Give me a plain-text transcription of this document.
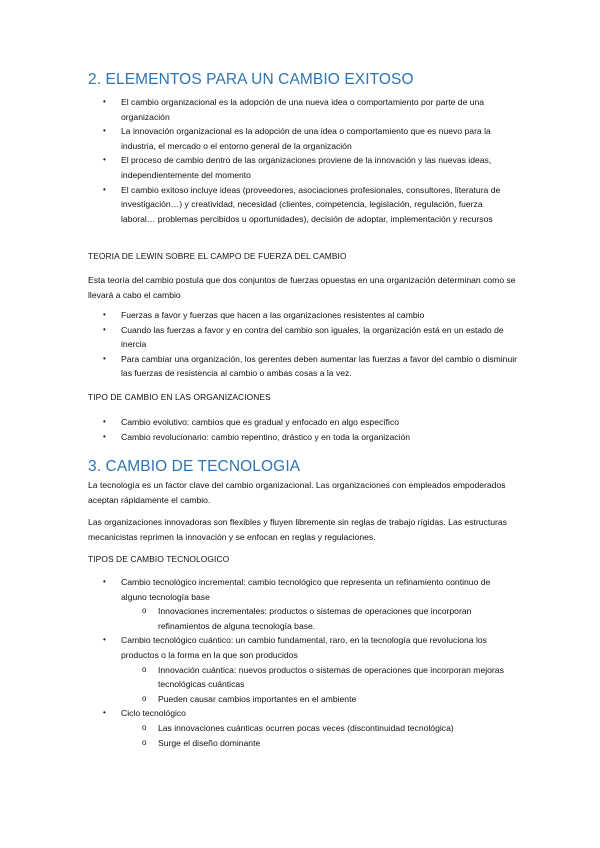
2. ELEMENTOS PARA UN CAMBIO EXITOSO
• El cambio organizacional es la adopción de una nueva idea o comportamiento por parte de una organización
• La innovación organizacional es la adopción de una idea o comportamiento que es nuevo para la industria, el mercado o el entorno general de la organización
• El proceso de cambio dentro de las organizaciones proviene de la innovación y las nuevas ideas, independientemente del momento
• El cambio exitoso incluye ideas (proveedores, asociaciones profesionales, consultores, literatura de investigación…) y creatividad, necesidad (clientes, competencia, legislación, regulación, fuerza laboral… problemas percibidos u oportunidades), decisión de adoptar, implementación y recursos

TEORIA DE LEWIN SOBRE EL CAMPO DE FUERZA DEL CAMBIO

Esta teoría del cambio postula que dos conjuntos de fuerzas opuestas en una organización determinan como se llevará a cabo el cambio

• Fuerzas a favor y fuerzas que hacen a las organizaciones resistentes al cambio
• Cuando las fuerzas a favor y en contra del cambio son iguales, la organización está en un estado de inercia
• Para cambiar una organización, los gerentes deben aumentar las fuerzas a favor del cambio o disminuir las fuerzas de resistencia al cambio o ambas cosas a la vez.

TIPO DE CAMBIO EN LAS ORGANIZACIONES

• Cambio evolutivo: cambios que es gradual y enfocado en algo específico
• Cambio revolucionario: cambio repentino, drástico y en toda la organización
3. CAMBIO DE TECNOLOGIA

La tecnología es un factor clave del cambio organizacional. Las organizaciones con empleados empoderados aceptan rápidamente el cambio.

Las organizaciones innovadoras son flexibles y fluyen libremente sin reglas de trabajo rígidas. Las estructuras mecanicistas reprimen la innovación y se enfocan en reglas y regulaciones.

TIPOS DE CAMBIO TECNOLOGICO

• Cambio tecnológico incremental: cambio tecnológico que representa un refinamiento continuo de alguno tecnología base
o Innovaciones incrementales: productos o sistemas de operaciones que incorporan refinamientos de alguna tecnología base.
• Cambio tecnológico cuántico: un cambio fundamental, raro, en la tecnología que revoluciona los productos o la forma en la que son producidos
o Innovación cuántica: nuevos productos o sistemas de operaciones que incorporan mejoras tecnológicas cuánticas
o Pueden causar cambios importantes en el ambiente
• Ciclo tecnológico
o Las innovaciones cuánticas ocurren pocas veces (discontinuidad tecnológica)
o Surge el diseño dominante
